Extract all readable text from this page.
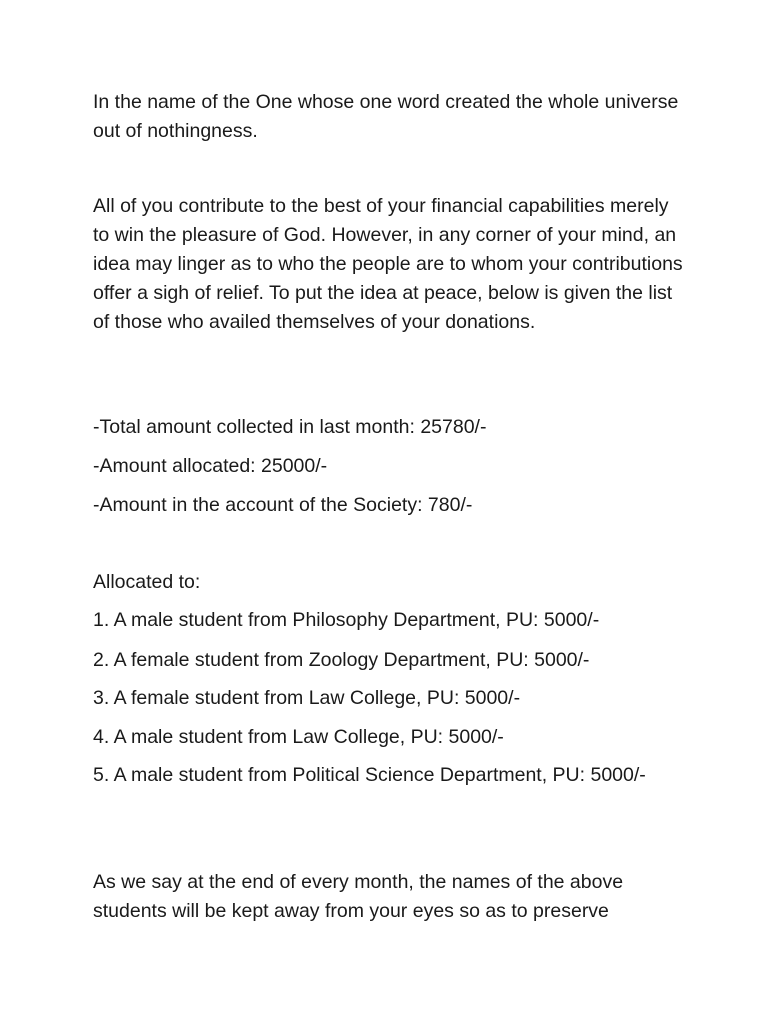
In the name of the One whose one word created the whole universe out of nothingness.

All of you contribute to the best of your financial capabilities merely to win the pleasure of God. However, in any corner of your mind, an idea may linger as to who the people are to whom your contributions offer a sigh of relief. To put the idea at peace, below is given the list of those who availed themselves of your donations.

-Total amount collected in last month: 25780/-

-Amount allocated: 25000/-

-Amount in the account of the Society: 780/-

Allocated to:

1. A male student from Philosophy Department, PU: 5000/-

2. A female student from Zoology Department, PU: 5000/-

3. A female student from Law College, PU: 5000/-

4. A male student from Law College, PU: 5000/-

5. A male student from Political Science Department, PU: 5000/-

As we say at the end of every month, the names of the above students will be kept away from your eyes so as to preserve
